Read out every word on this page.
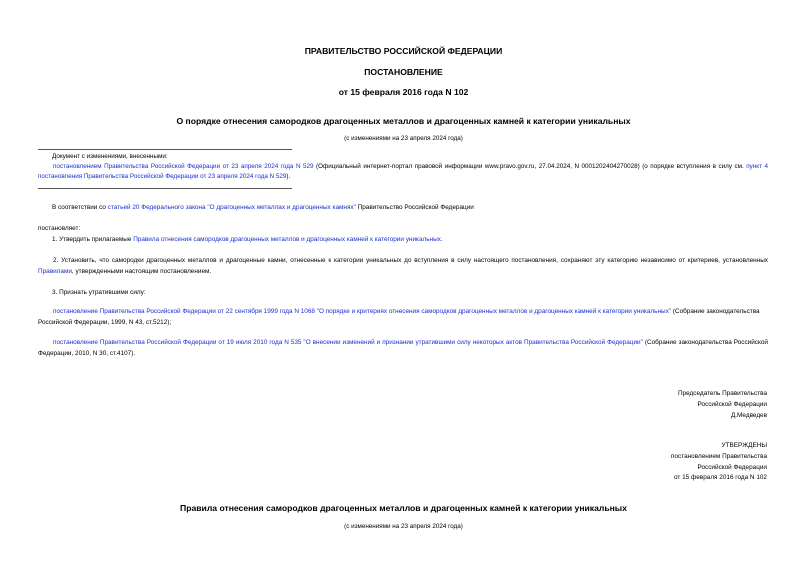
ПРАВИТЕЛЬСТВО РОССИЙСКОЙ ФЕДЕРАЦИИ
ПОСТАНОВЛЕНИЕ
от 15 февраля 2016 года N 102
О порядке отнесения самородков драгоценных металлов и драгоценных камней к категории уникальных
(с изменениями на 23 апреля 2024 года)
Документ с изменениями, внесенными:
постановлением Правительства Российской Федерации от 23 апреля 2024 года N 529 (Официальный интернет-портал правовой информации www.pravo.gov.ru, 27.04.2024, N 0001202404270028) (о порядке вступления в силу см. пункт 4 постановления Правительства Российской Федерации от 23 апреля 2024 года N 529).
В соответствии со статьей 20 Федерального закона "О драгоценных металлах и драгоценных камнях" Правительство Российской Федерации
постановляет:
1. Утвердить прилагаемые Правила отнесения самородков драгоценных металлов и драгоценных камней к категории уникальных.
2. Установить, что самородки драгоценных металлов и драгоценные камни, отнесенные к категории уникальных до вступления в силу настоящего постановления, сохраняют эту категорию независимо от критериев, установленных Правилами, утвержденными настоящим постановлением.
3. Признать утратившими силу:
постановление Правительства Российской Федерации от 22 сентября 1999 года N 1068 "О порядке и критериях отнесения самородков драгоценных металлов и драгоценных камней к категории уникальных" (Собрание законодательства Российской Федерации, 1999, N 43, ст.5212);
постановление Правительства Российской Федерации от 19 июля 2010 года N 535 "О внесении изменений и признании утратившими силу некоторых актов Правительства Российской Федерации" (Собрание законодательства Российской Федерации, 2010, N 30, ст.4107).
Председатель Правительства
Российской Федерации
Д.Медведев
УТВЕРЖДЕНЫ
постановлением Правительства
Российской Федерации
от 15 февраля 2016 года N 102
Правила отнесения самородков драгоценных металлов и драгоценных камней к категории уникальных
(с изменениями на 23 апреля 2024 года)
